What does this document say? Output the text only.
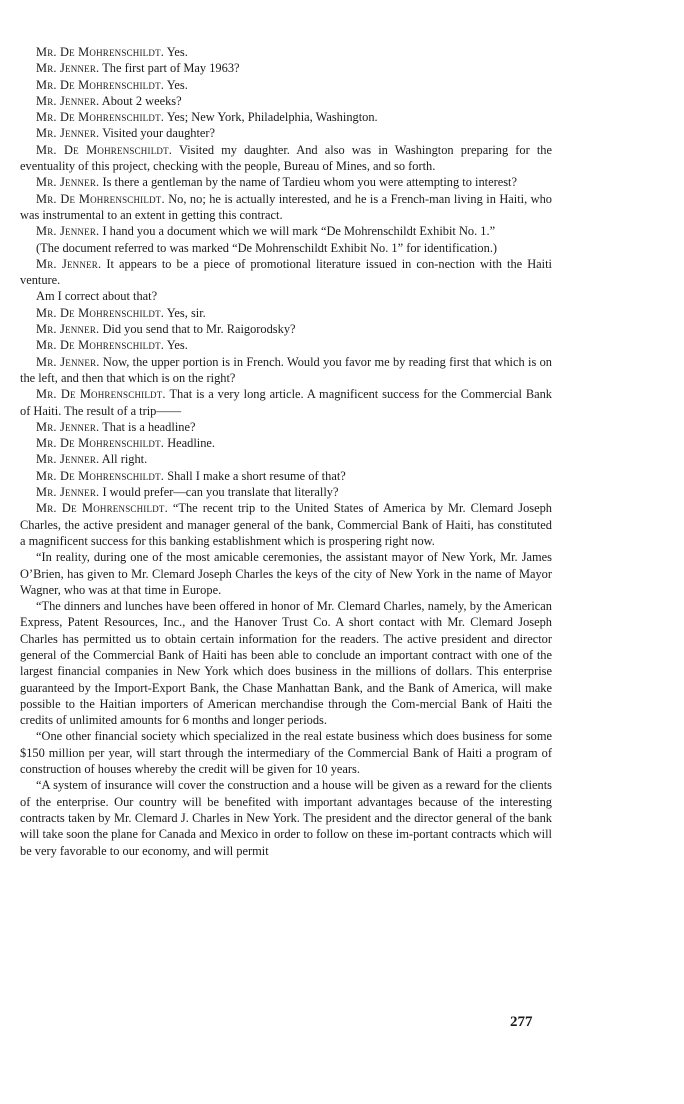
Mr. De Mohrenschildt. Yes.

Mr. Jenner. The first part of May 1963?

Mr. De Mohrenschildt. Yes.

Mr. Jenner. About 2 weeks?

Mr. De Mohrenschildt. Yes; New York, Philadelphia, Washington.

Mr. Jenner. Visited your daughter?

Mr. De Mohrenschildt. Visited my daughter. And also was in Washington preparing for the eventuality of this project, checking with the people, Bureau of Mines, and so forth.

Mr. Jenner. Is there a gentleman by the name of Tardieu whom you were attempting to interest?

Mr. De Mohrenschildt. No, no; he is actually interested, and he is a French-man living in Haiti, who was instrumental to an extent in getting this contract.

Mr. Jenner. I hand you a document which we will mark “De Mohrenschildt Exhibit No. 1.”

(The document referred to was marked “De Mohrenschildt Exhibit No. 1” for identification.)

Mr. Jenner. It appears to be a piece of promotional literature issued in con-nection with the Haiti venture.

Am I correct about that?

Mr. De Mohrenschildt. Yes, sir.

Mr. Jenner. Did you send that to Mr. Raigorodsky?

Mr. De Mohrenschildt. Yes.

Mr. Jenner. Now, the upper portion is in French. Would you favor me by reading first that which is on the left, and then that which is on the right?

Mr. De Mohrenschildt. That is a very long article. A magnificent success for the Commercial Bank of Haiti. The result of a trip——

Mr. Jenner. That is a headline?

Mr. De Mohrenschildt. Headline.

Mr. Jenner. All right.

Mr. De Mohrenschildt. Shall I make a short resume of that?

Mr. Jenner. I would prefer—can you translate that literally?

Mr. De Mohrenschildt. “The recent trip to the United States of America by Mr. Clemard Joseph Charles, the active president and manager general of the bank, Commercial Bank of Haiti, has constituted a magnificent success for this banking establishment which is prospering right now.

“In reality, during one of the most amicable ceremonies, the assistant mayor of New York, Mr. James O’Brien, has given to Mr. Clemard Joseph Charles the keys of the city of New York in the name of Mayor Wagner, who was at that time in Europe.

“The dinners and lunches have been offered in honor of Mr. Clemard Charles, namely, by the American Express, Patent Resources, Inc., and the Hanover Trust Co. A short contact with Mr. Clemard Joseph Charles has permitted us to obtain certain information for the readers. The active president and director general of the Commercial Bank of Haiti has been able to conclude an important contract with one of the largest financial companies in New York which does business in the millions of dollars. This enterprise guaranteed by the Import-Export Bank, the Chase Manhattan Bank, and the Bank of America, will make possible to the Haitian importers of American merchandise through the Com-mercial Bank of Haiti the credits of unlimited amounts for 6 months and longer periods.

“One other financial society which specialized in the real estate business which does business for some $150 million per year, will start through the intermediary of the Commercial Bank of Haiti a program of construction of houses whereby the credit will be given for 10 years.

“A system of insurance will cover the construction and a house will be given as a reward for the clients of the enterprise. Our country will be benefited with important advantages because of the interesting contracts taken by Mr. Clemard J. Charles in New York. The president and the director general of the bank will take soon the plane for Canada and Mexico in order to follow on these im-portant contracts which will be very favorable to our economy, and will permit

277
